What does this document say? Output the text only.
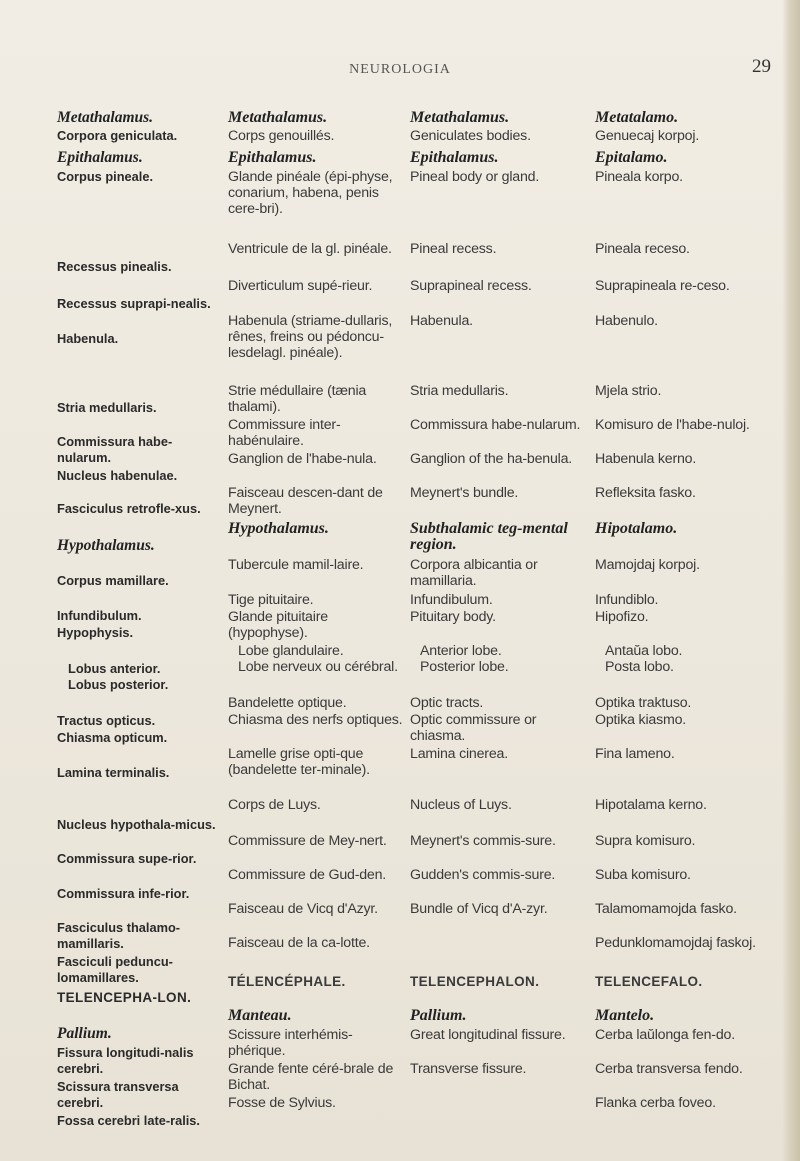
NEUROLOGIA	29
Metathalamus.
Corpora geniculata.
Epithalamus.
Corpus pineale.
Recessus pinealis.
Recessus suprapi-nealis.
Habenula.
Stria medullaris.
Commissura habe-nularum.
Nucleus habenulae.
Fasciculus retrofle-xus.
Hypothalamus.
Corpus mamillare.
Infundibulum.
Hypophysis.
Lobus anterior.
Lobus posterior.
Tractus opticus.
Chiasma opticum.
Lamina terminalis.
Nucleus hypothala-micus.
Commissura supe-rior.
Commissura infe-rior.
Fasciculus thalamo-mamillaris.
Fasciculi peduncu-lomamillares.
TELENCEPHA-LON.
Pallium.
Fissura longitudi-nalis cerebri.
Scissura transversa cerebri.
Fossa cerebri late-ralis.
Metathalamus.
Corps genouillés.
Epithalamus.
Glande pinéale (épi-physe, conarium, habena, penis cere-bri).
Ventricule de la gl. pinéale.
Diverticulum supé-rieur.
Habenula (striame-dullaris, rênes, freins ou pédoncu-lesdelagl. pinéale).
Strie médullaire (tænia thalami).
Commissure inter-habénulaire.
Ganglion de l'habe-nula.
Faisceau descen-dant de Meynert.
Hypothalamus.
Tubercule mamil-laire.
Tige pituitaire.
Glande pituitaire (hypophyse).
Lobe glandulaire.
Lobe nerveux ou cérébral.
Bandelette optique.
Chiasma des nerfs optiques.
Lamelle grise opti-que (bandelette ter-minale).
Corps de Luys.
Commissure de Mey-nert.
Commissure de Gud-den.
Faisceau de Vicq d'Azyr.
Faisceau de la ca-lotte.
TÉLENCÉPHALE.
Manteau.
Scissure interhémis-phérique.
Grande fente céré-brale de Bichat.
Fosse de Sylvius.
Metathalamus.
Geniculates bodies.
Epithalamus.
Pineal body or gland.
Pineal recess.
Suprapineal recess.
Habenula.
Stria medullaris.
Commissura habe-nularum.
Ganglion of the ha-benula.
Meynert's bundle.
Subthalamic teg-mental region.
Corpora albicantia or mamillaria.
Infundibulum.
Pituitary body.
Anterior lobe.
Posterior lobe.
Optic tracts.
Optic commissure or chiasma.
Lamina cinerea.
Nucleus of Luys.
Meynert's commis-sure.
Gudden's commis-sure.
Bundle of Vicq d'A-zyr.
TELENCEPHALON.
Pallium.
Great longitudinal fissure.
Transverse fissure.
Metatalamo.
Genuecaj korpoj.
Epitalamo.
Pineala korpo.
Pineala receso.
Suprapineala re-ceso.
Habenulo.
Mjela strio.
Komisuro de l'habe-nuloj.
Habenula kerno.
Refleksita fasko.
Hipotalamo.
Mamojdaj korpoj.
Infundiblo.
Hipofizo.
Antaŭa lobo.
Posta lobo.
Optika traktuso.
Optika kiasmo.
Fina lameno.
Hipotalama kerno.
Supra komisuro.
Suba komisuro.
Talamomamojda fasko.
Pedunklomamojdaj faskoj.
TELENCEFALO.
Mantelo.
Cerba laŭlonga fen-do.
Cerba transversa fendo.
Flanka cerba foveo.
